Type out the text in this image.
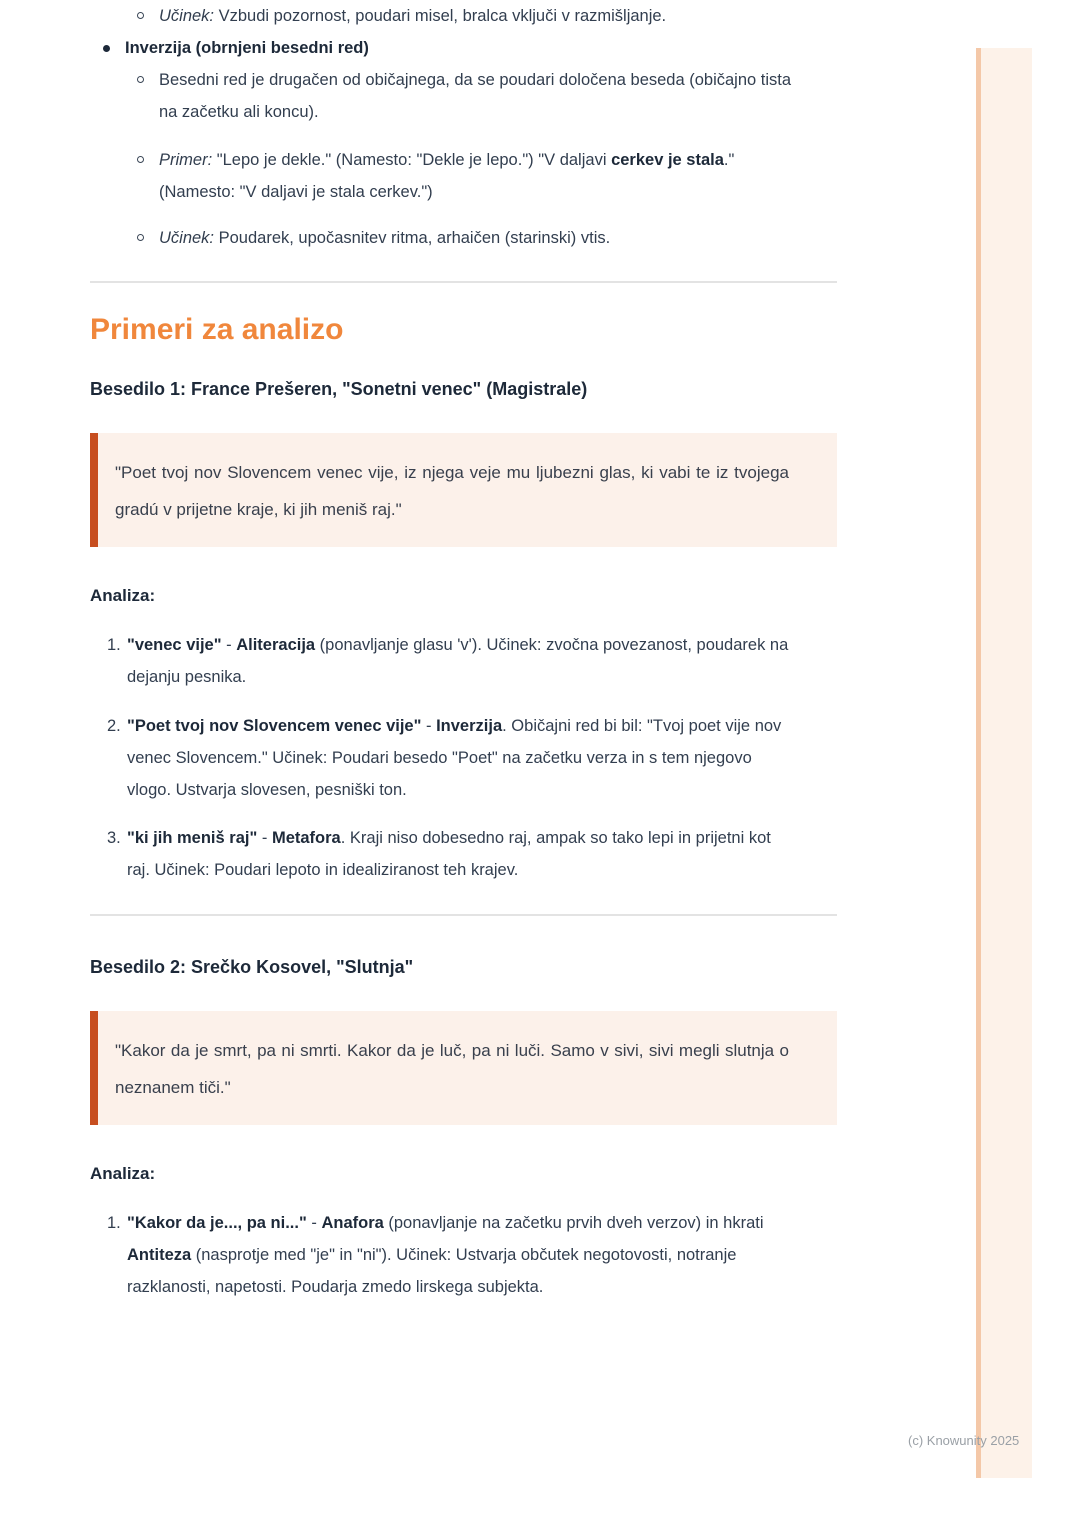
Učinek: Vzbudi pozornost, poudari misel, bralca vključi v razmišljanje.
Inverzija (obrnjeni besedni red)
Besedni red je drugačen od običajnega, da se poudari določena beseda (običajno tista na začetku ali koncu).
Primer: "Lepo je dekle." (Namesto: "Dekle je lepo.") "V daljavi cerkev je stala." (Namesto: "V daljavi je stala cerkev.")
Učinek: Poudarek, upočasnitev ritma, arhaičen (starinski) vtis.
Primeri za analizo
Besedilo 1: France Prešeren, "Sonetni venec" (Magistrale)

"Poet tvoj nov Slovencem venec vije, iz njega veje mu ljubezni glas, ki vabi te iz tvojega gradú v prijetne kraje, ki jih meniš raj."

Analiza:

1. "venec vije" - Aliteracija (ponavljanje glasu 'v'). Učinek: zvočna povezanost, poudarek na dejanju pesnika.
2. "Poet tvoj nov Slovencem venec vije" - Inverzija. Običajni red bi bil: "Tvoj poet vije nov venec Slovencem." Učinek: Poudari besedo "Poet" na začetku verza in s tem njegovo vlogo. Ustvarja slovesen, pesniški ton.
3. "ki jih meniš raj" - Metafora. Kraji niso dobesedno raj, ampak so tako lepi in prijetni kot raj. Učinek: Poudari lepoto in idealiziranost teh krajev.
Besedilo 2: Srečko Kosovel, "Slutnja"

"Kakor da je smrt, pa ni smrti. Kakor da je luč, pa ni luči. Samo v sivi, sivi megli slutnja o neznanem tiči."

Analiza:

1. "Kakor da je..., pa ni..." - Anafora (ponavljanje na začetku prvih dveh verzov) in hkrati Antiteza (nasprotje med "je" in "ni"). Učinek: Ustvarja občutek negotovosti, notranje razklanosti, napetosti. Poudarja zmedo lirskega subjekta.
(c) Knowunity 2025
